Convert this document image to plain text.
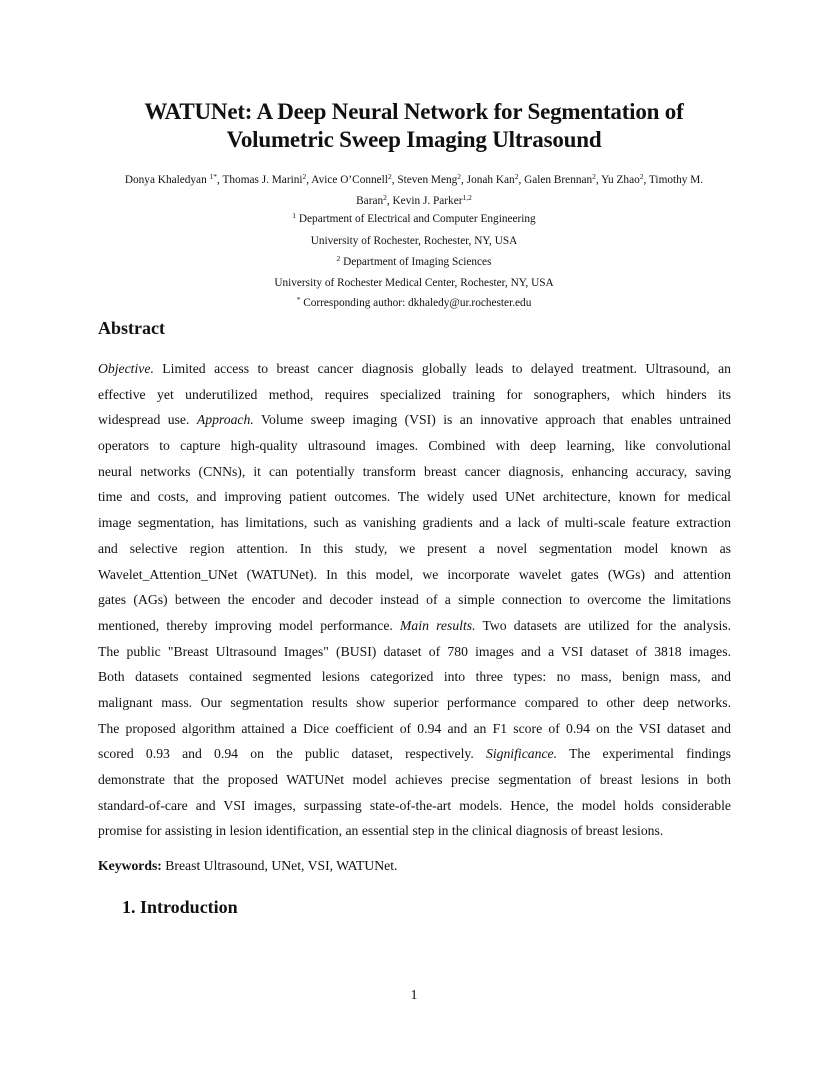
WATUNet: A Deep Neural Network for Segmentation of
Volumetric Sweep Imaging Ultrasound
Donya Khaledyan $^{1*}$, Thomas J. Marini$^2$, Avice O’Connell$^2$, Steven Meng$^2$, Jonah Kan$^2$, Galen Brennan$^2$, Yu Zhao$^2$, Timothy M.
Baran$^2$, Kevin J. Parker$^{1,2}$
$^1$ Department of Electrical and Computer Engineering
University of Rochester, Rochester, NY, USA
$^2$ Department of Imaging Sciences
University of Rochester Medical Center, Rochester, NY, USA
* Corresponding author: dkhaledy@ur.rochester.edu
Abstract
Objective. Limited access to breast cancer diagnosis globally leads to delayed treatment. Ultrasound, an
effective yet underutilized method, requires specialized training for sonographers, which hinders its
widespread use. Approach. Volume sweep imaging (VSI) is an innovative approach that enables untrained
operators to capture high-quality ultrasound images. Combined with deep learning, like convolutional
neural networks (CNNs), it can potentially transform breast cancer diagnosis, enhancing accuracy, saving
time and costs, and improving patient outcomes. The widely used UNet architecture, known for medical
image segmentation, has limitations, such as vanishing gradients and a lack of multi-scale feature extraction
and selective region attention. In this study, we present a novel segmentation model known as
Wavelet_Attention_UNet (WATUNet). In this model, we incorporate wavelet gates (WGs) and attention
gates (AGs) between the encoder and decoder instead of a simple connection to overcome the limitations
mentioned, thereby improving model performance. Main results. Two datasets are utilized for the analysis.
The public "Breast Ultrasound Images" (BUSI) dataset of 780 images and a VSI dataset of 3818 images.
Both datasets contained segmented lesions categorized into three types: no mass, benign mass, and
malignant mass. Our segmentation results show superior performance compared to other deep networks.
The proposed algorithm attained a Dice coefficient of 0.94 and an F1 score of 0.94 on the VSI dataset and
scored 0.93 and 0.94 on the public dataset, respectively. Significance. The experimental findings
demonstrate that the proposed WATUNet model achieves precise segmentation of breast lesions in both
standard-of-care and VSI images, surpassing state-of-the-art models. Hence, the model holds considerable
promise for assisting in lesion identification, an essential step in the clinical diagnosis of breast lesions.
Keywords: Breast Ultrasound, UNet, VSI, WATUNet.
1. Introduction
1
